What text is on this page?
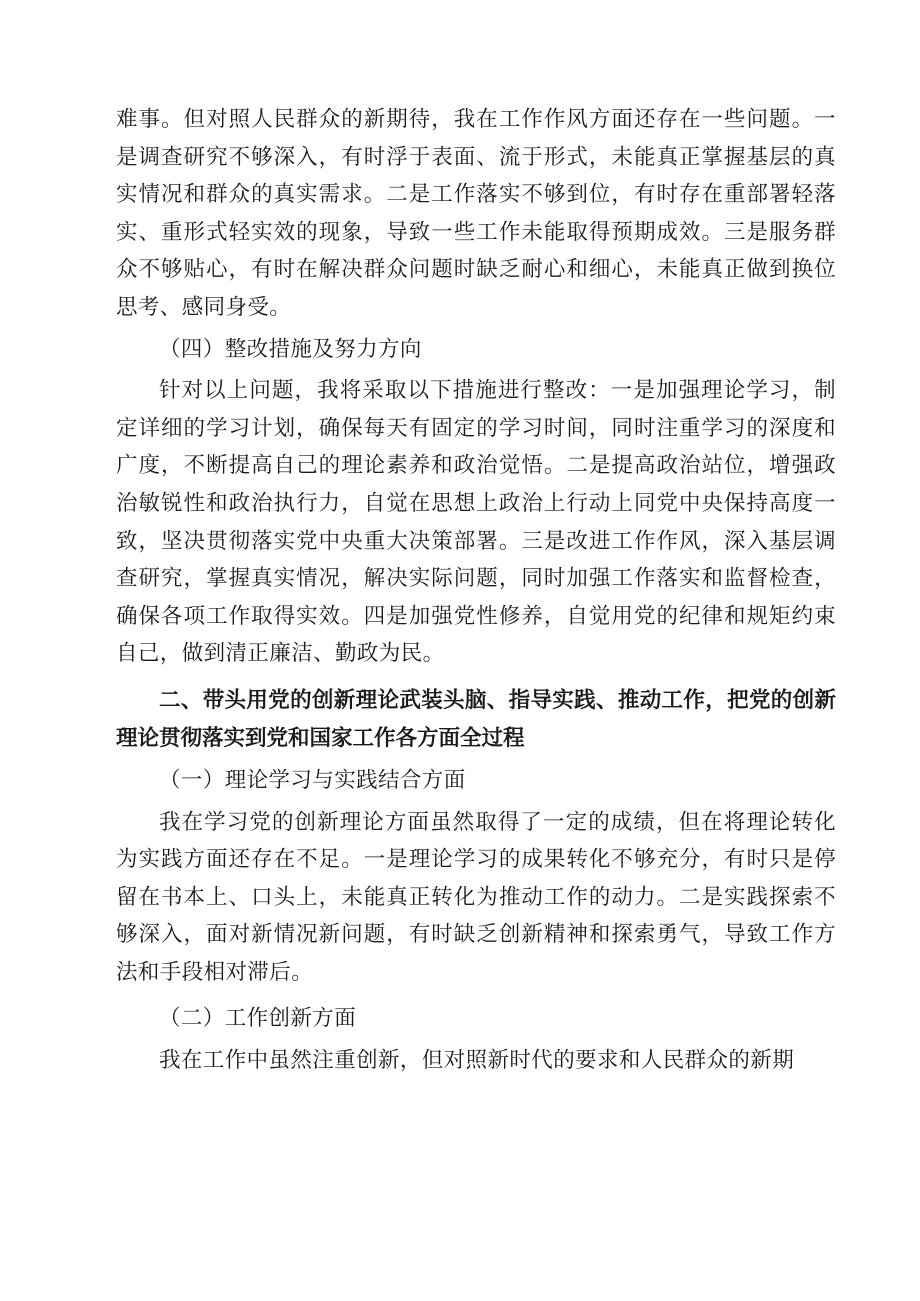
难事。但对照人民群众的新期待，我在工作作风方面还存在一些问题。一是调查研究不够深入，有时浮于表面、流于形式，未能真正掌握基层的真实情况和群众的真实需求。二是工作落实不够到位，有时存在重部署轻落实、重形式轻实效的现象，导致一些工作未能取得预期成效。三是服务群众不够贴心，有时在解决群众问题时缺乏耐心和细心，未能真正做到换位思考、感同身受。

（四）整改措施及努力方向

针对以上问题，我将采取以下措施进行整改：一是加强理论学习，制定详细的学习计划，确保每天有固定的学习时间，同时注重学习的深度和广度，不断提高自己的理论素养和政治觉悟。二是提高政治站位，增强政治敏锐性和政治执行力，自觉在思想上政治上行动上同党中央保持高度一致，坚决贯彻落实党中央重大决策部署。三是改进工作作风，深入基层调查研究，掌握真实情况，解决实际问题，同时加强工作落实和监督检查，确保各项工作取得实效。四是加强党性修养，自觉用党的纪律和规矩约束自己，做到清正廉洁、勤政为民。

二、带头用党的创新理论武装头脑、指导实践、推动工作，把党的创新理论贯彻落实到党和国家工作各方面全过程

（一）理论学习与实践结合方面

我在学习党的创新理论方面虽然取得了一定的成绩，但在将理论转化为实践方面还存在不足。一是理论学习的成果转化不够充分，有时只是停留在书本上、口头上，未能真正转化为推动工作的动力。二是实践探索不够深入，面对新情况新问题，有时缺乏创新精神和探索勇气，导致工作方法和手段相对滞后。

（二）工作创新方面

我在工作中虽然注重创新，但对照新时代的要求和人民群众的新期
